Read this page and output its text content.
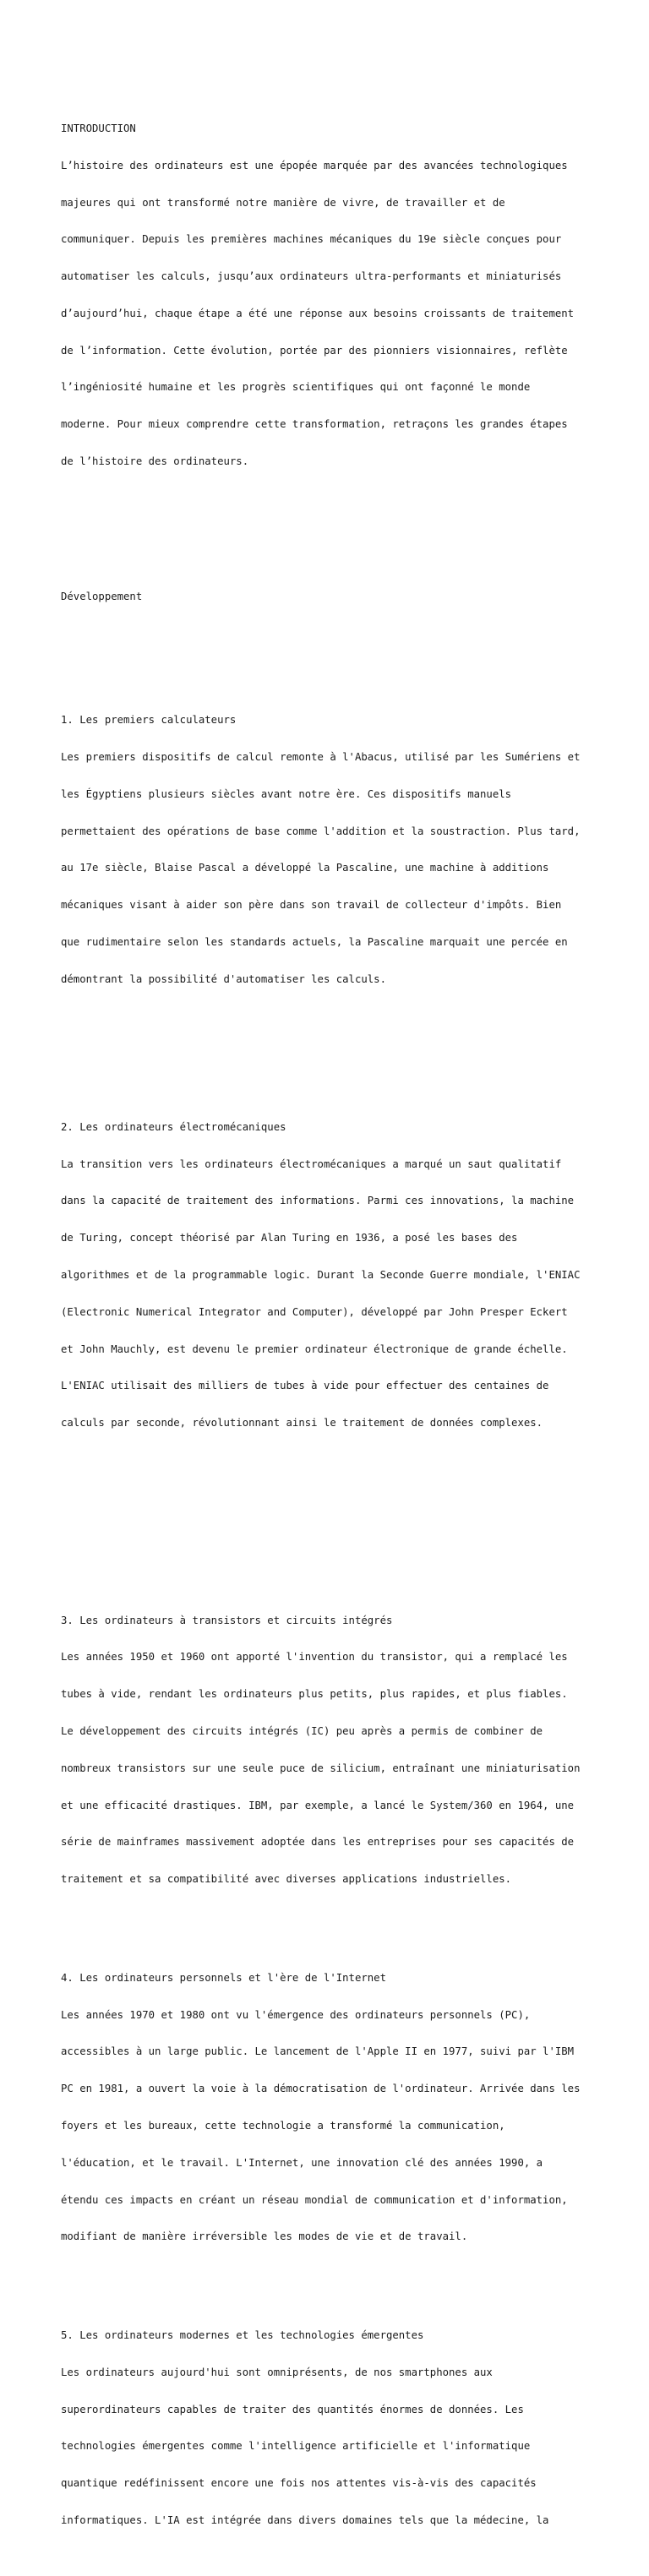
INTRODUCTION

L’histoire des ordinateurs est une épopée marquée par des avancées technologiques

majeures qui ont transformé notre manière de vivre, de travailler et de

communiquer. Depuis les premières machines mécaniques du 19e siècle conçues pour

automatiser les calculs, jusqu’aux ordinateurs ultra-performants et miniaturisés

d’aujourd’hui, chaque étape a été une réponse aux besoins croissants de traitement

de l’information. Cette évolution, portée par des pionniers visionnaires, reflète

l’ingéniosité humaine et les progrès scientifiques qui ont façonné le monde

moderne. Pour mieux comprendre cette transformation, retraçons les grandes étapes

de l’histoire des ordinateurs.

Développement

1. Les premiers calculateurs

Les premiers dispositifs de calcul remonte à l'Abacus, utilisé par les Sumériens et

les Égyptiens plusieurs siècles avant notre ère. Ces dispositifs manuels

permettaient des opérations de base comme l'addition et la soustraction. Plus tard,

au 17e siècle, Blaise Pascal a développé la Pascaline, une machine à additions

mécaniques visant à aider son père dans son travail de collecteur d'impôts. Bien

que rudimentaire selon les standards actuels, la Pascaline marquait une percée en

démontrant la possibilité d'automatiser les calculs.

2. Les ordinateurs électromécaniques

La transition vers les ordinateurs électromécaniques a marqué un saut qualitatif

dans la capacité de traitement des informations. Parmi ces innovations, la machine

de Turing, concept théorisé par Alan Turing en 1936, a posé les bases des

algorithmes et de la programmable logic. Durant la Seconde Guerre mondiale, l'ENIAC

(Electronic Numerical Integrator and Computer), développé par John Presper Eckert

et John Mauchly, est devenu le premier ordinateur électronique de grande échelle.

L'ENIAC utilisait des milliers de tubes à vide pour effectuer des centaines de

calculs par seconde, révolutionnant ainsi le traitement de données complexes.

3. Les ordinateurs à transistors et circuits intégrés

Les années 1950 et 1960 ont apporté l'invention du transistor, qui a remplacé les

tubes à vide, rendant les ordinateurs plus petits, plus rapides, et plus fiables.

Le développement des circuits intégrés (IC) peu après a permis de combiner de

nombreux transistors sur une seule puce de silicium, entraînant une miniaturisation

et une efficacité drastiques. IBM, par exemple, a lancé le System/360 en 1964, une

série de mainframes massivement adoptée dans les entreprises pour ses capacités de

traitement et sa compatibilité avec diverses applications industrielles.

4. Les ordinateurs personnels et l'ère de l'Internet

Les années 1970 et 1980 ont vu l'émergence des ordinateurs personnels (PC),

accessibles à un large public. Le lancement de l'Apple II en 1977, suivi par l'IBM

PC en 1981, a ouvert la voie à la démocratisation de l'ordinateur. Arrivée dans les

foyers et les bureaux, cette technologie a transformé la communication,

l'éducation, et le travail. L'Internet, une innovation clé des années 1990, a

étendu ces impacts en créant un réseau mondial de communication et d'information,

modifiant de manière irréversible les modes de vie et de travail.

5. Les ordinateurs modernes et les technologies émergentes

Les ordinateurs aujourd'hui sont omniprésents, de nos smartphones aux

superordinateurs capables de traiter des quantités énormes de données. Les

technologies émergentes comme l'intelligence artificielle et l'informatique

quantique redéfinissent encore une fois nos attentes vis-à-vis des capacités

informatiques. L'IA est intégrée dans divers domaines tels que la médecine, la
